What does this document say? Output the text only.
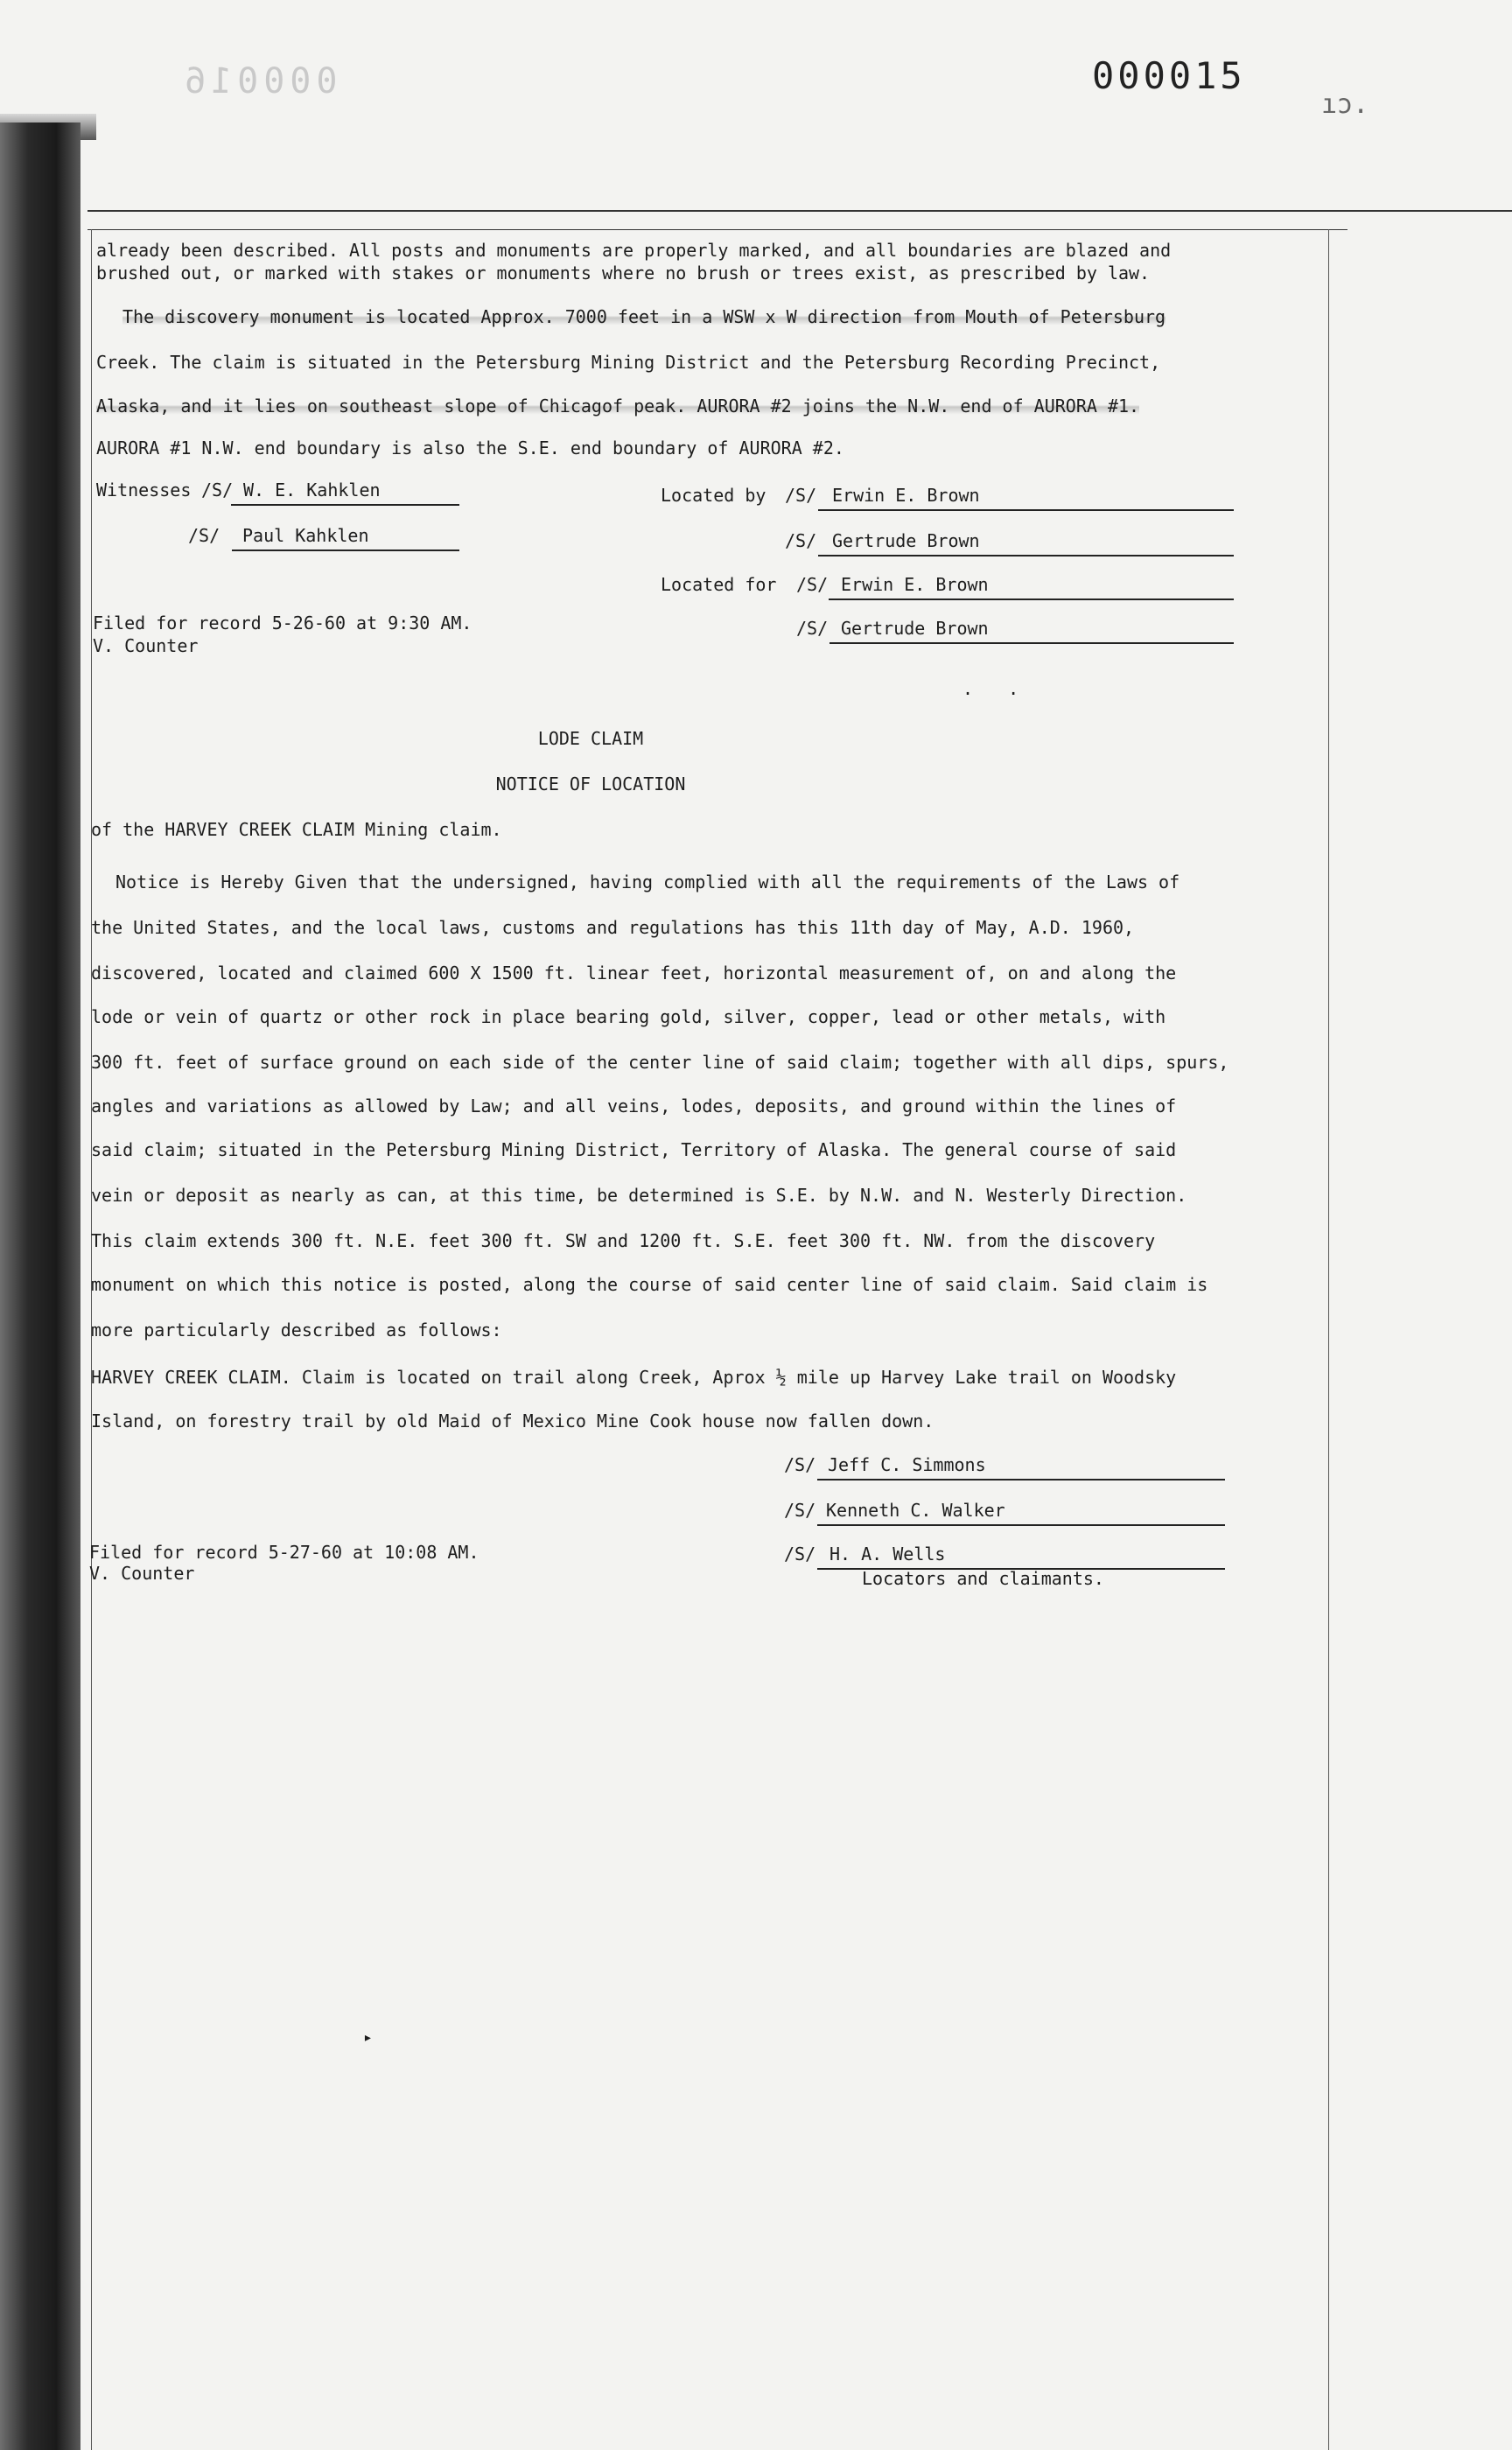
000016	000015
ıɔ.
already been described. All posts and monuments are properly marked, and all boundaries are blazed and
brushed out, or marked with stakes or monuments where no brush or trees exist, as prescribed by law.
The discovery monument is located Approx. 7000 feet in a WSW x W direction from Mouth of Petersburg
Creek. The claim is situated in the Petersburg Mining District and the Petersburg Recording Precinct,
Alaska, and it lies on southeast slope of Chicagof peak. AURORA #2 joins the N.W. end of AURORA #1.
AURORA #1 N.W. end boundary is also the S.E. end boundary of AURORA #2.
Witnesses /S/ W. E. Kahklen
/S/ Paul Kahklen
Located by /S/ Erwin E. Brown
/S/ Gertrude Brown
Located for /S/ Erwin E. Brown
/S/ Gertrude Brown
Filed for record 5-26-60 at 9:30 AM.
V. Counter
. .
LODE CLAIM
NOTICE OF LOCATION
of the HARVEY CREEK CLAIM Mining claim.
Notice is Hereby Given that the undersigned, having complied with all the requirements of the Laws of
the United States, and the local laws, customs and regulations has this 11th day of May, A.D. 1960,
discovered, located and claimed 600 X 1500 ft. linear feet, horizontal measurement of, on and along the
lode or vein of quartz or other rock in place bearing gold, silver, copper, lead or other metals, with
300 ft. feet of surface ground on each side of the center line of said claim; together with all dips, spurs,
angles and variations as allowed by Law; and all veins, lodes, deposits, and ground within the lines of
said claim; situated in the Petersburg Mining District, Territory of Alaska. The general course of said
vein or deposit as nearly as can, at this time, be determined is S.E. by N.W. and N. Westerly Direction.
This claim extends 300 ft. N.E. feet 300 ft. SW and 1200 ft. S.E. feet 300 ft. NW. from the discovery
monument on which this notice is posted, along the course of said center line of said claim. Said claim is
more particularly described as follows:
HARVEY CREEK CLAIM. Claim is located on trail along Creek, Aprox ½ mile up Harvey Lake trail on Woodsky
Island, on forestry trail by old Maid of Mexico Mine Cook house now fallen down.
/S/ Jeff C. Simmons
/S/ Kenneth C. Walker
/S/ H. A. Wells
Locators and claimants.
Filed for record 5-27-60 at 10:08 AM.
V. Counter
▸
